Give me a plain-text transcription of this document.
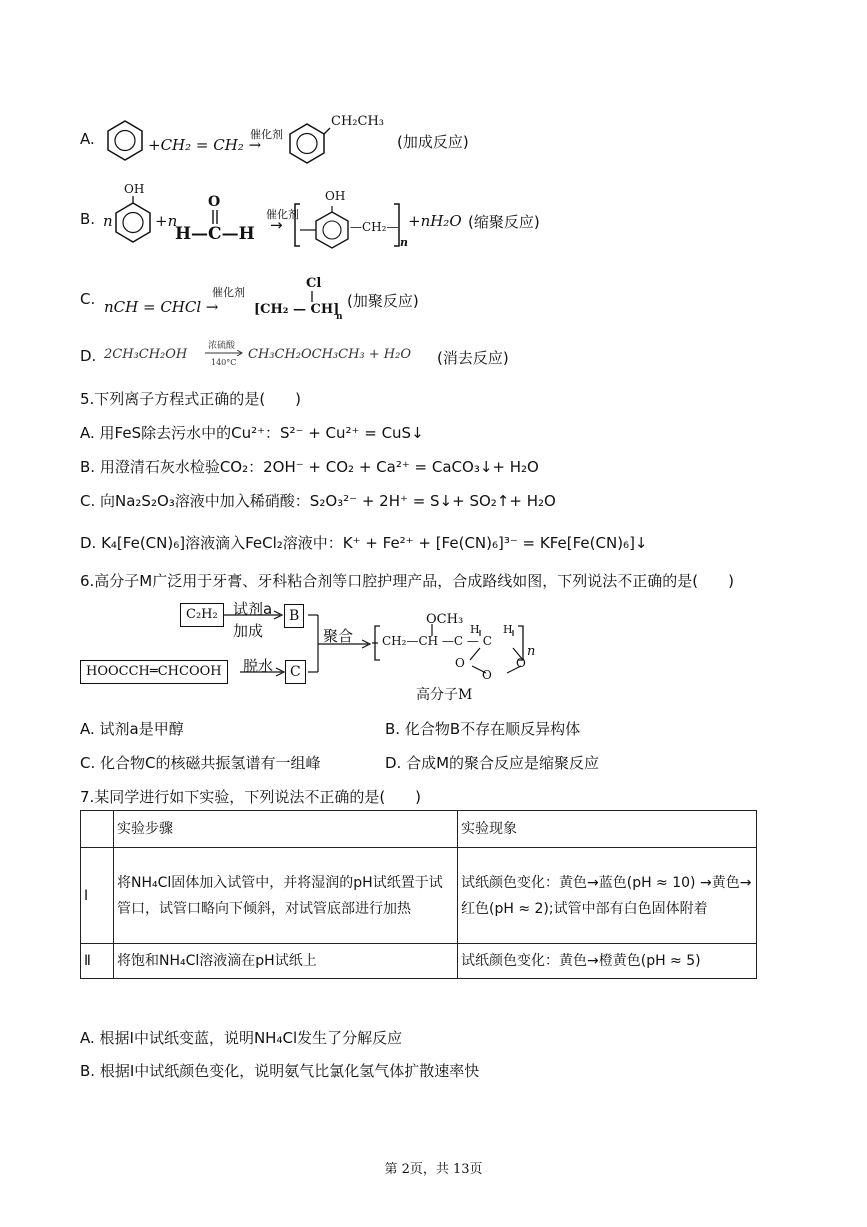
A.	+CH₂ = CH₂ →
催化剂
CH₂CH₃
(加成反应)
B. n
OH
+n
O
H—C—H
催化剂
→
OH
—CH₂—
n
+nH₂O (缩聚反应)
C. nCH = CHCl →
催化剂
Cl
[CH₂ — CH]
n
(加聚反应)
D. 2CH₃CH₂OH
浓硫酸
140°C
CH₃CH₂OCH₃CH₃ + H₂O (消去反应)
5.下列离子方程式正确的是(　　)
A. 用FeS除去污水中的Cu²⁺：S²⁻ + Cu²⁺ = CuS↓
B. 用澄清石灰水检验CO₂：2OH⁻ + CO₂ + Ca²⁺ = CaCO₃↓+ H₂O
C. 向Na₂S₂O₃溶液中加入稀硝酸：S₂O₃²⁻ + 2H⁺ = S↓+ SO₂↑+ H₂O
D. K₄[Fe(CN)₆]溶液滴入FeCl₂溶液中：K⁺ + Fe²⁺ + [Fe(CN)₆]³⁻ = KFe[Fe(CN)₆]↓
6.高分子M广泛用于牙膏、牙科粘合剂等口腔护理产品，合成路线如图，下列说法不正确的是(　　)
C₂H₂	试剂a
加成
B
HOOCCH═CHCOOH	脱水	C
聚合
OCH₃
CH₂—CH —C — C
H H
O	O
O
n
高分子M
A. 试剂a是甲醇	B. 化合物B不存在顺反异构体
C. 化合物C的核磁共振氢谱有一组峰	D. 合成M的聚合反应是缩聚反应
7.某同学进行如下实验，下列说法不正确的是(　　)
	实验步骤	实验现象
Ⅰ	将NH₄Cl固体加入试管中，并将湿润的pH试纸置于试管口，试管口略向下倾斜，对试管底部进行加热	试纸颜色变化：黄色→蓝色(pH ≈ 10) →黄色→红色(pH ≈ 2);试管中部有白色固体附着
Ⅱ	将饱和NH₄Cl溶液滴在pH试纸上	试纸颜色变化：黄色→橙黄色(pH ≈ 5)
A. 根据Ⅰ中试纸变蓝，说明NH₄Cl发生了分解反应
B. 根据Ⅰ中试纸颜色变化，说明氨气比氯化氢气体扩散速率快
第 2页，共 13页
